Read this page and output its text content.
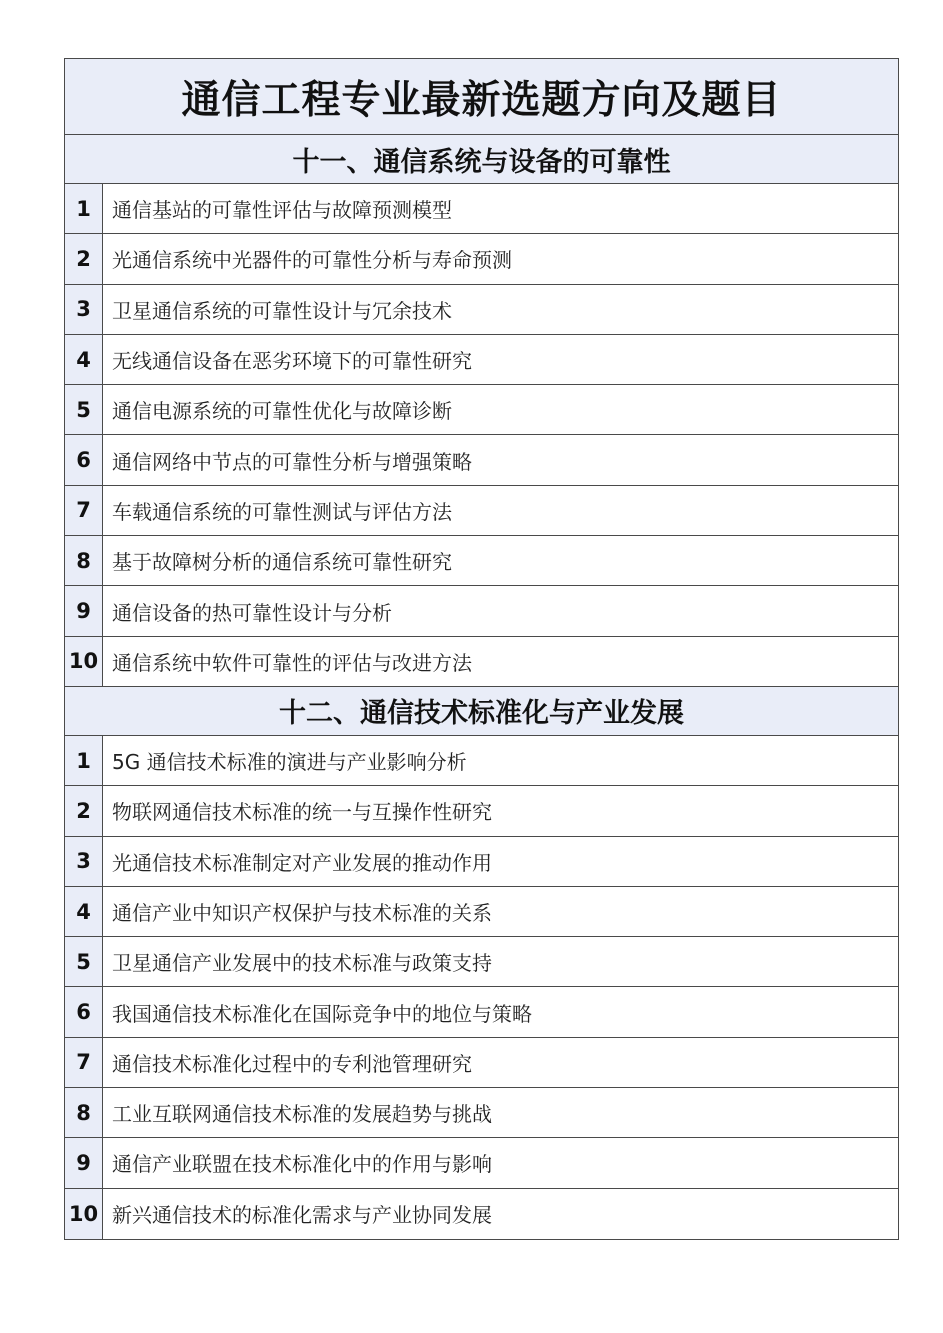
通信工程专业最新选题方向及题目
十一、通信系统与设备的可靠性
1	通信基站的可靠性评估与故障预测模型
2	光通信系统中光器件的可靠性分析与寿命预测
3	卫星通信系统的可靠性设计与冗余技术
4	无线通信设备在恶劣环境下的可靠性研究
5	通信电源系统的可靠性优化与故障诊断
6	通信网络中节点的可靠性分析与增强策略
7	车载通信系统的可靠性测试与评估方法
8	基于故障树分析的通信系统可靠性研究
9	通信设备的热可靠性设计与分析
10 通信系统中软件可靠性的评估与改进方法
十二、通信技术标准化与产业发展
1	5G 通信技术标准的演进与产业影响分析
2	物联网通信技术标准的统一与互操作性研究
3	光通信技术标准制定对产业发展的推动作用
4	通信产业中知识产权保护与技术标准的关系
5	卫星通信产业发展中的技术标准与政策支持
6	我国通信技术标准化在国际竞争中的地位与策略
7	通信技术标准化过程中的专利池管理研究
8	工业互联网通信技术标准的发展趋势与挑战
9	通信产业联盟在技术标准化中的作用与影响
10 新兴通信技术的标准化需求与产业协同发展
